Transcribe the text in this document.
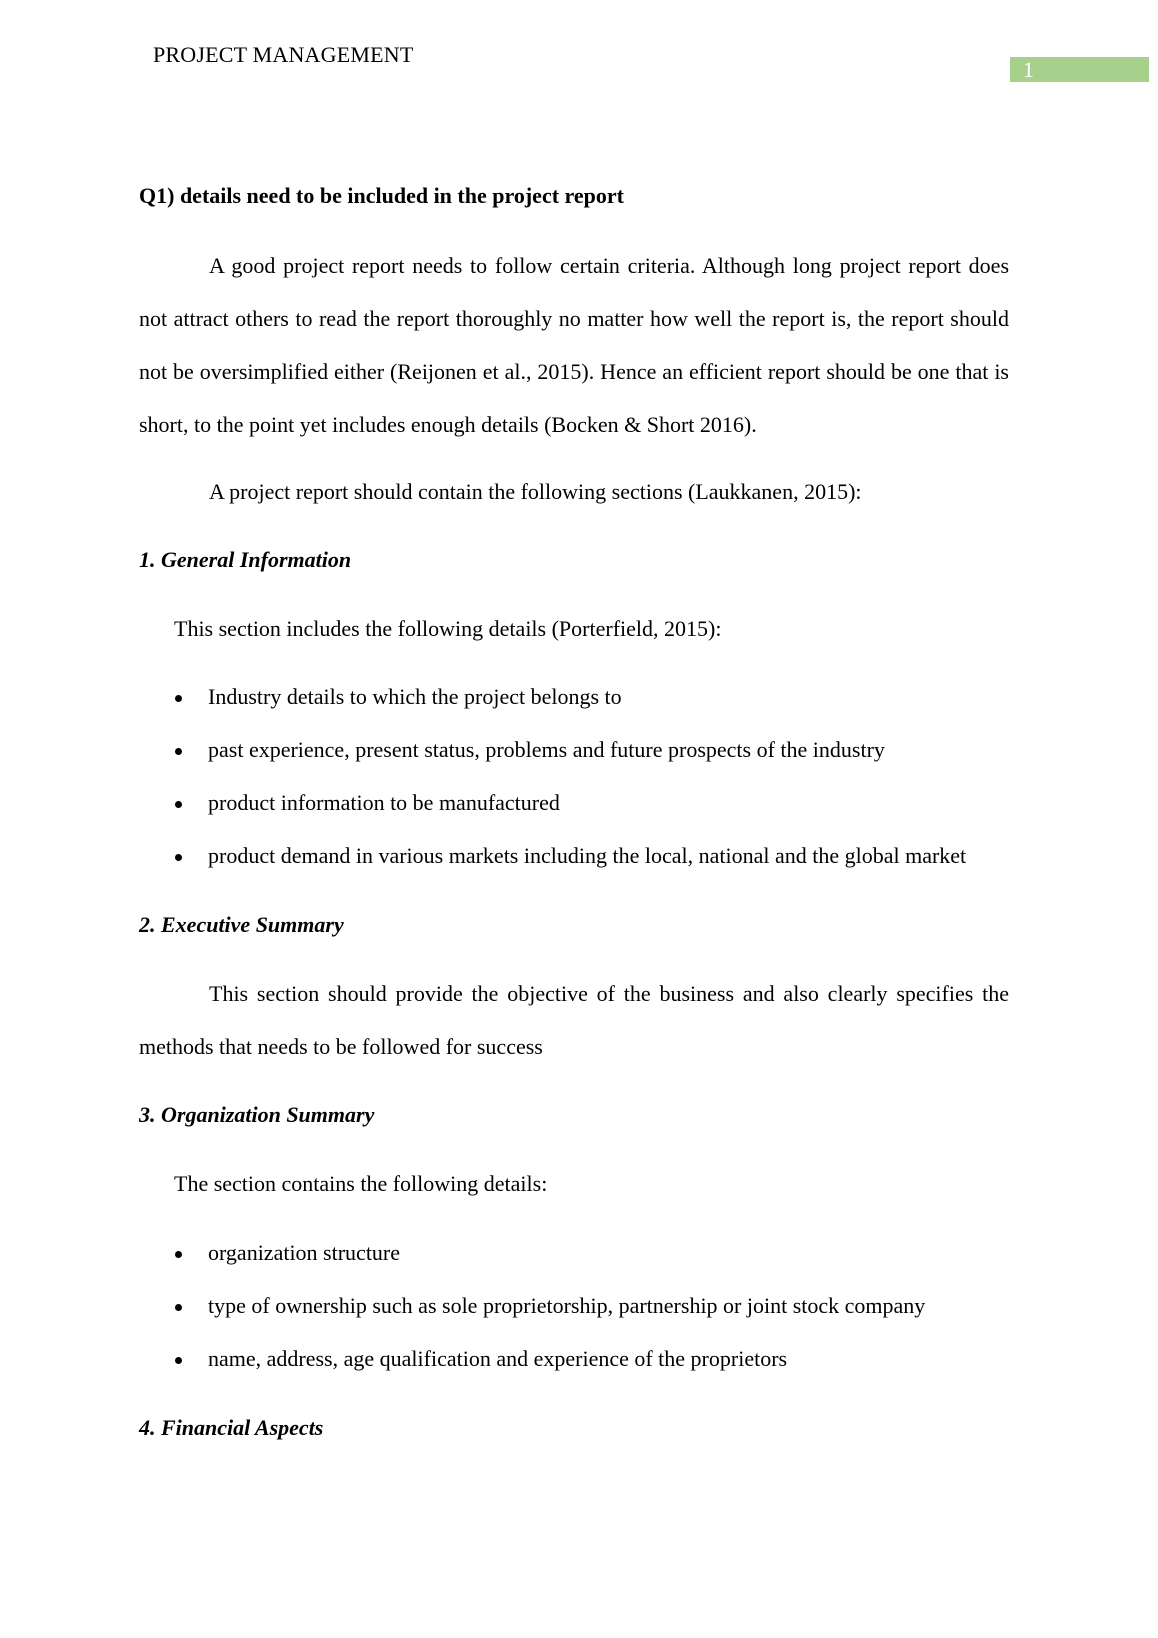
PROJECT MANAGEMENT
1
Q1) details need to be included in the project report

A good project report needs to follow certain criteria. Although long project report does not attract others to read the report thoroughly no matter how well the report is, the report should not be oversimplified either (Reijonen et al., 2015). Hence an efficient report should be one that is short, to the point yet includes enough details (Bocken & Short 2016).

A project report should contain the following sections (Laukkanen, 2015):
1. General Information
This section includes the following details (Porterfield, 2015):
Industry details to which the project belongs to
past experience, present status, problems and future prospects of the industry
product information to be manufactured
product demand in various markets including the local, national and the global market
2. Executive Summary

This section should provide the objective of the business and also clearly specifies the methods that needs to be followed for success

3. Organization Summary
The section contains the following details:
organization structure
type of ownership such as sole proprietorship, partnership or joint stock company
name, address, age qualification and experience of the proprietors
4. Financial Aspects
